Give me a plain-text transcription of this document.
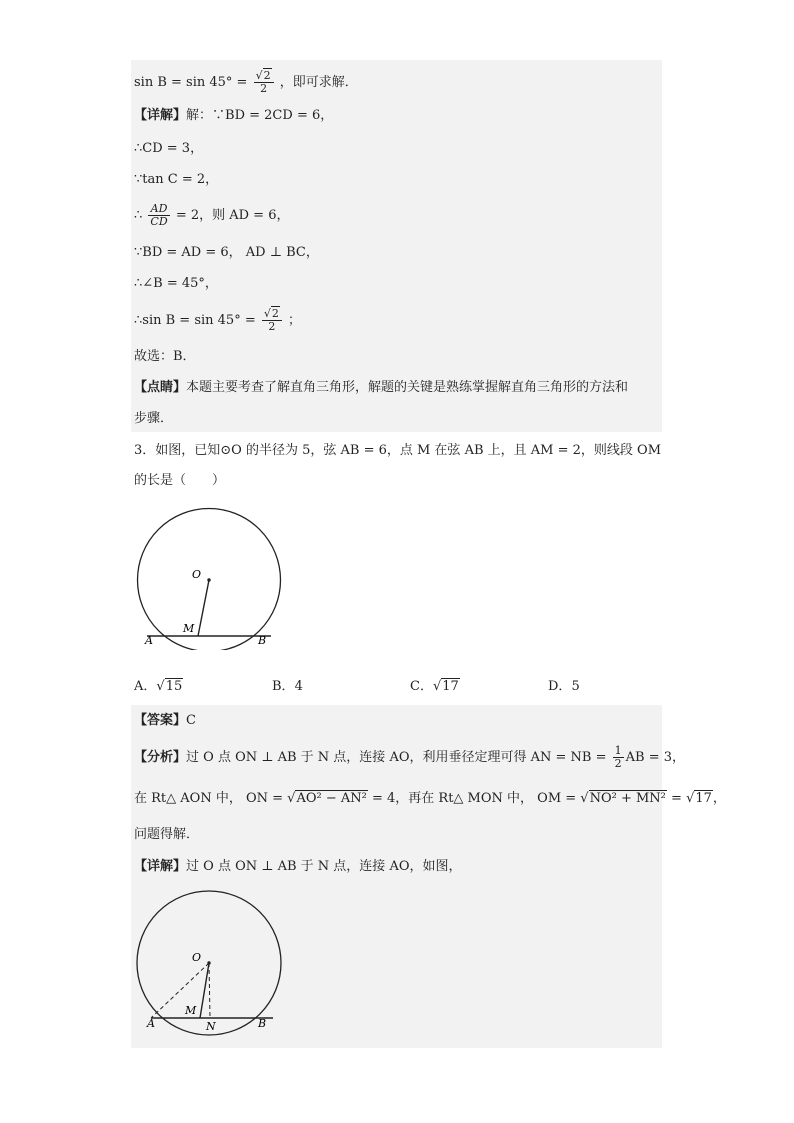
$\sin B = \sin 45^\circ = \frac{√2}{2}$ ，即可求解．
【详解】解：∵BD = 2CD = 6，
∴CD = 3，
∵tan C = 2，
∴ $\frac{AD}{CD} = 2$，则 AD = 6，
∵BD = AD = 6， AD ⊥ BC，
∴∠B = 45°，
∴sin $B = \sin 45^\circ = \frac{√2}{2}$ ；
故选：B．
【点睛】本题主要考查了解直角三角形，解题的关键是熟练掌握解直角三角形的方法和
步骤．
3．如图，已知⊙O 的半径为 5，弦 AB = 6，点 M 在弦 AB 上，且 AM = 2，则线段 OM
的长是（　　）
O
M
A	B
A．√15	B．4	C．√17	D．5
【答案】C
【分析】过 O 点 ON ⊥ AB 于 N 点，连接 AO，利用垂径定理可得 AN = NB = $\frac{1}{2}$ AB = 3，
在 Rt△ AON 中， ON = √AO² − AN² = 4，再在 Rt△ MON 中， OM = √NO² + MN² = √17，
问题得解．
【详解】过 O 点 ON ⊥ AB 于 N 点，连接 AO，如图，
O
M
A	N	B
